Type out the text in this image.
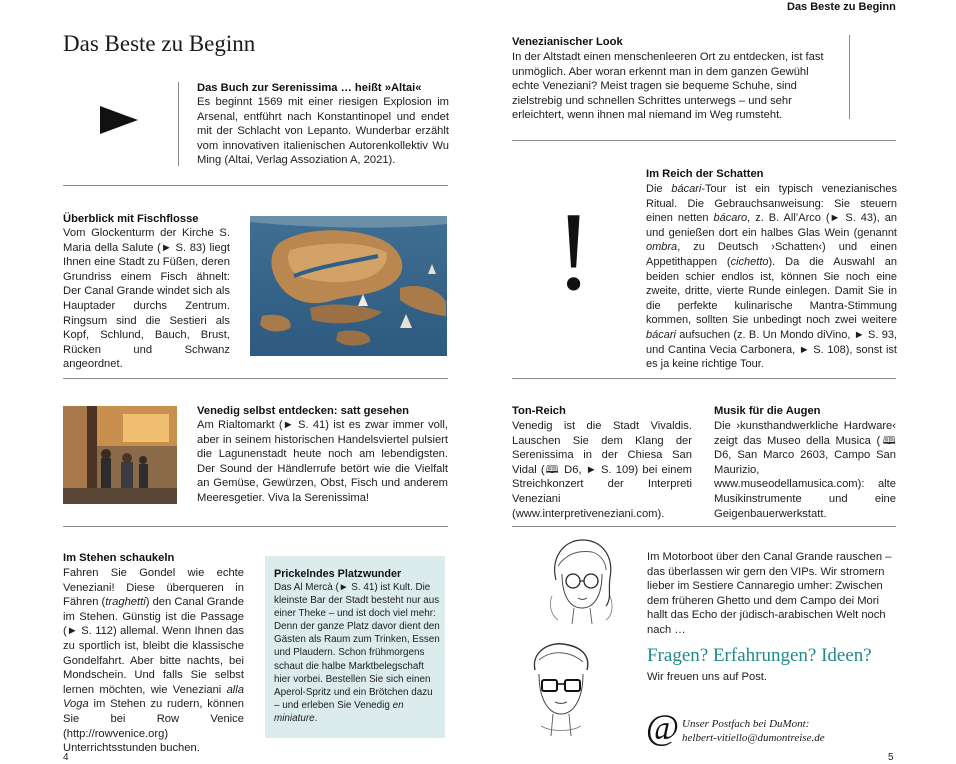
Das Beste zu Beginn
Das Beste zu Beginn
Das Buch zur Serenissima … heißt »Altai«
Es beginnt 1569 mit einer riesigen Explosion im Arsenal, entführt nach Konstantinopel und endet mit der Schlacht von Lepanto. Wunderbar erzählt vom innovativen italienischen Autorenkollektiv Wu Ming (Altai, Verlag Assoziation A, 2021).
Überblick mit Fischflosse
Vom Glockenturm der Kirche S. Maria della Salute (► S. 83) liegt Ihnen eine Stadt zu Füßen, deren Grundriss einem Fisch ähnelt: Der Canal Grande windet sich als Hauptader durchs Zentrum. Ringsum sind die Sestieri als Kopf, Schlund, Bauch, Brust, Rücken und Schwanz angeordnet.
Venedig selbst entdecken: satt gesehen
Am Rialtomarkt (► S. 41) ist es zwar immer voll, aber in seinem historischen Handelsviertel pulsiert die Lagunenstadt heute noch am lebendigsten. Der Sound der Händlerrufe betört wie die Vielfalt an Gemüse, Gewürzen, Obst, Fisch und anderem Meeresgetier. Viva la Serenissima!
Im Stehen schaukeln
Fahren Sie Gondel wie echte Veneziani! Diese überqueren in Fähren (traghetti) den Canal Grande im Stehen. Günstig ist die Passage (► S. 112) allemal. Wenn Ihnen das zu sportlich ist, bleibt die klassische Gondelfahrt. Aber bitte nachts, bei Mondschein. Und falls Sie selbst lernen möchten, wie Veneziani alla Voga im Stehen zu rudern, können Sie bei Row Venice (http://rowvenice.org) Unterrichtsstunden buchen.
Prickelndes Platzwunder
Das Al Mercà (► S. 41) ist Kult. Die kleinste Bar der Stadt besteht nur aus einer Theke – und ist doch viel mehr: Denn der ganze Platz davor dient den Gästen als Raum zum Trinken, Essen und Plaudern. Schon frühmorgens schaut die halbe Marktbelegschaft hier vorbei. Bestellen Sie sich einen Aperol-Spritz und ein Brötchen dazu – und erleben Sie Venedig en miniature.
4
Venezianischer Look
In der Altstadt einen menschenleeren Ort zu entdecken, ist fast unmöglich. Aber woran erkennt man in dem ganzen Gewühl echte Veneziani? Meist tragen sie bequeme Schuhe, sind zielstrebig und schnellen Schrittes unterwegs – und sehr erleichtert, wenn ihnen mal niemand im Weg rumsteht.
!
Im Reich der Schatten
Die bácari-Tour ist ein typisch venezianisches Ritual. Die Gebrauchsanweisung: Sie steuern einen netten bácaro, z. B. All’Arco (► S. 43), an und genießen dort ein halbes Glas Wein (genannt ombra, zu Deutsch ›Schatten‹) und einen Appetithappen (cichetto). Da die Auswahl an beiden schier endlos ist, können Sie noch eine zweite, dritte, vierte Runde einlegen. Damit Sie in die perfekte kulinarische Mantra-Stimmung kommen, sollten Sie unbedingt noch zwei weitere bácari aufsuchen (z. B. Un Mondo diVino, ► S. 93, und Cantina Vecia Carbonera, ► S. 108), sonst ist es ja keine richtige Tour.
Ton-Reich
Venedig ist die Stadt Vivaldis. Lauschen Sie dem Klang der Serenissima in der Chiesa San Vidal (🕮 D6, ► S. 109) bei einem Streichkonzert der Interpreti Veneziani (www.interpretiveneziani.com).
Musik für die Augen
Die ›kunsthandwerkliche Hardware‹ zeigt das Museo della Musica (🕮 D6, San Marco 2603, Campo San Maurizio, www.museodellamusica.com): alte Musikinstrumente und eine Geigenbauerwerkstatt.
Im Motorboot über den Canal Grande rauschen – das überlassen wir gern den VIPs. Wir stromern lieber im Sestiere Cannaregio umher: Zwischen dem früheren Ghetto und dem Campo dei Mori hallt das Echo der jüdisch-arabischen Welt noch nach …
Fragen? Erfahrungen? Ideen?
Wir freuen uns auf Post.
@ Unser Postfach bei DuMont:
helbert-vitiello@dumontreise.de
5
